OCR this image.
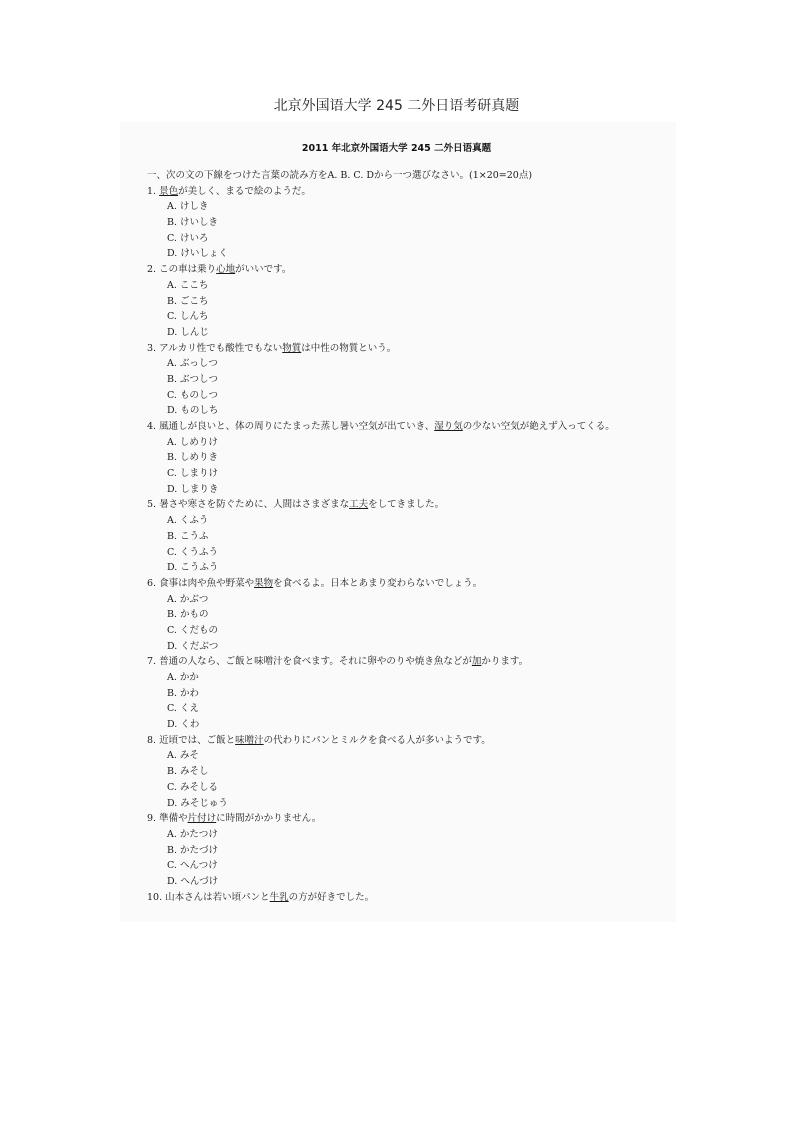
北京外国语大学 245 二外日语考研真题
2011 年北京外国语大学 245 二外日语真题
一、次の文の下線をつけた言葉の読み方をA. B. C. Dから一つ選びなさい。(1×20=20点)
1. 景色が美しく、まるで絵のようだ。
A. けしき
B. けいしき
C. けいろ
D. けいしょく
2. この車は乗り心地がいいです。
A. ここち
B. ごこち
C. しんち
D. しんじ
3. アルカリ性でも酸性でもない物質は中性の物質という。
A. ぶっしつ
B. ぶつしつ
C. ものしつ
D. ものしち
4. 風通しが良いと、体の周りにたまった蒸し暑い空気が出ていき、湿り気の少ない空気が絶えず入ってくる。
A. しめりけ
B. しめりき
C. しまりけ
D. しまりき
5. 暑さや寒さを防ぐために、人間はさまざまな工夫をしてきました。
A. くふう
B. こうふ
C. くうふう
D. こうふう
6. 食事は肉や魚や野菜や果物を食べるよ。日本とあまり変わらないでしょう。
A. かぶつ
B. かもの
C. くだもの
D. くだぶつ
7. 普通の人なら、ご飯と味噌汁を食べます。それに卵やのりや焼き魚などが加かります。
A. かか
B. かわ
C. くえ
D. くわ
8. 近頃では、ご飯と味噌汁の代わりにパンとミルクを食べる人が多いようです。
A. みそ
B. みそし
C. みそしる
D. みそじゅう
9. 準備や片付けに時間がかかりません。
A. かたつけ
B. かたづけ
C. へんつけ
D. へんづけ
10. 山本さんは若い頃パンと牛乳の方が好きでした。
